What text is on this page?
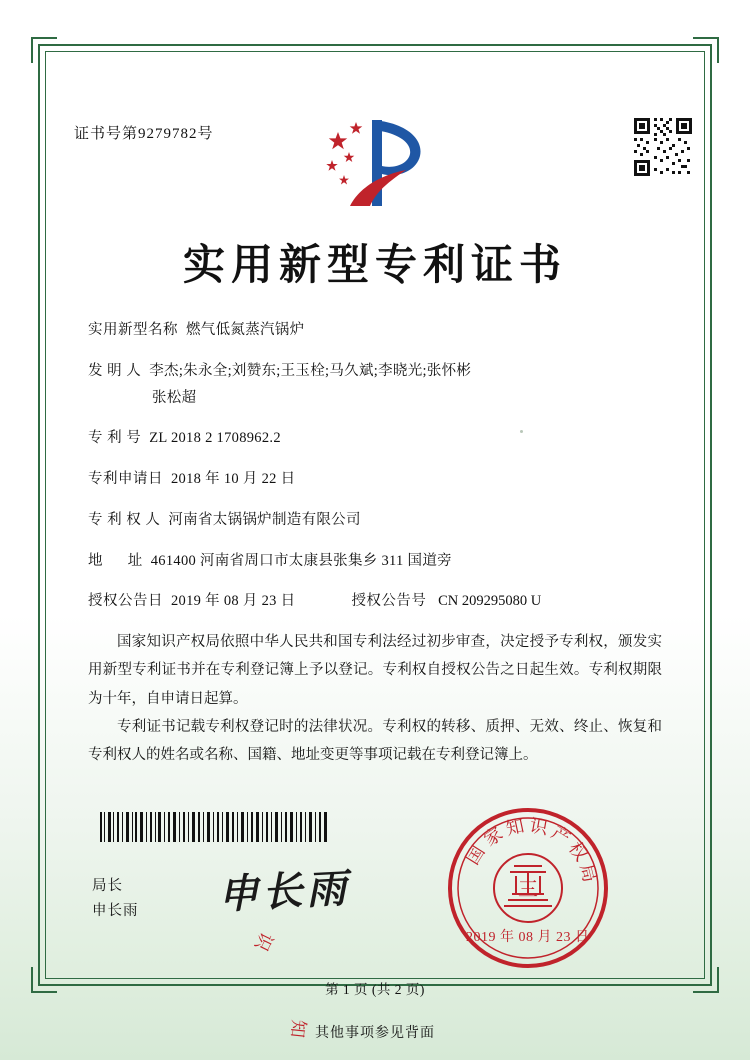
证书号第9279782号
实用新型专利证书
实用新型名称 燃气低氮蒸汽锅炉
发 明 人 李杰;朱永全;刘赞东;王玉栓;马久斌;李晓光;张怀彬
张松超
专 利 号 ZL 2018 2 1708962.2
专利申请日 2018 年 10 月 22 日
专 利 权 人 河南省太锅锅炉制造有限公司
地      址 461400 河南省周口市太康县张集乡 311 国道旁
授权公告日 2019 年 08 月 23 日	授权公告号 CN 209295080 U

国家知识产权局依照中华人民共和国专利法经过初步审查，决定授予专利权，颁发实用新型专利证书并在专利登记簿上予以登记。专利权自授权公告之日起生效。专利权期限为十年，自申请日起算。

专利证书记载专利权登记时的法律状况。专利权的转移、质押、无效、终止、恢复和专利权人的姓名或名称、国籍、地址变更等事项记载在专利登记簿上。

局长
申长雨 申长雨	三
国
家
知 识
产
权
局
知
识	2019 年 08 月 23 日
第 1 页 (共 2 页)
其他事项参见背面
